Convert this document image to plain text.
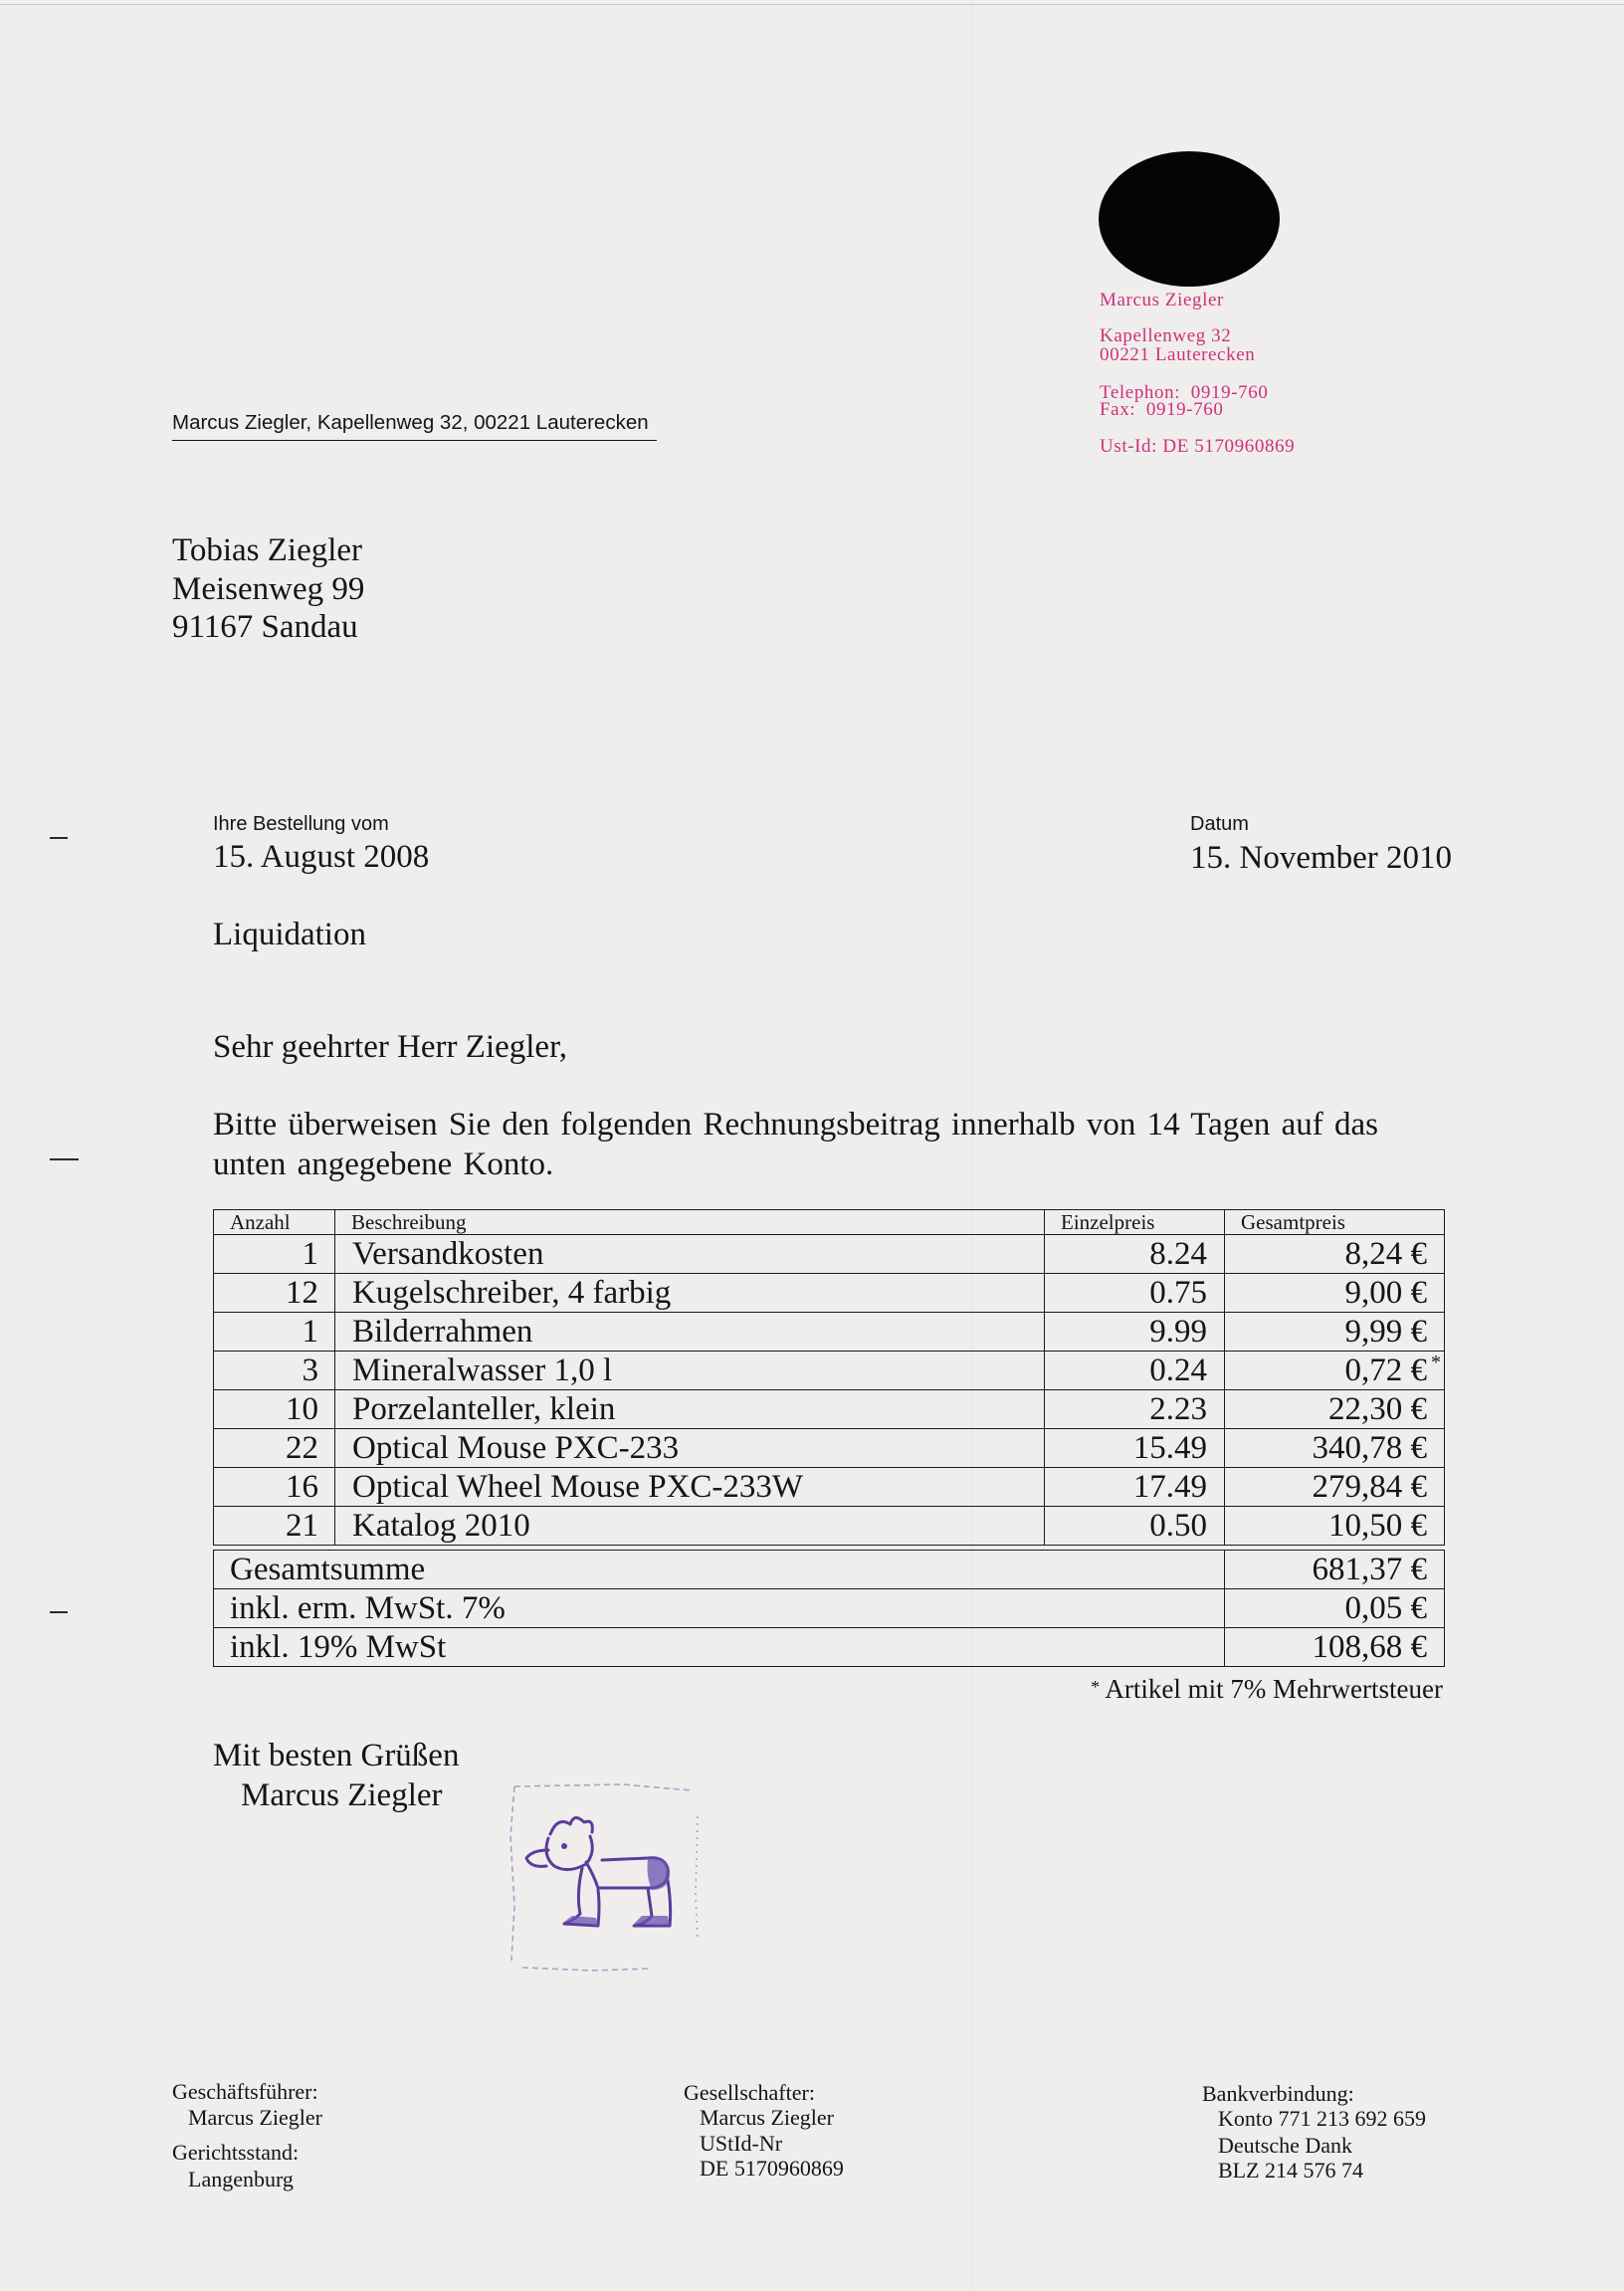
Marcus Ziegler
Kapellenweg 32
00221 Lauterecken
Telephon:  0919-760
Fax:  0919-760
Ust-Id: DE 5170960869
Marcus Ziegler, Kapellenweg 32, 00221 Lauterecken
Tobias Ziegler
Meisenweg 99
91167 Sandau
Ihre Bestellung vom
15. August 2008
Datum
15. November 2010
Liquidation
Sehr geehrter Herr Ziegler,
Bitte überweisen Sie den folgenden Rechnungsbeitrag innerhalb von 14 Tagen auf das
unten angegebene Konto.
Anzahl	Beschreibung	Einzelpreis	Gesamtpreis
1	Versandkosten	8.24	8,24 €
12	Kugelschreiber, 4 farbig	0.75	9,00 €
1	Bilderrahmen	9.99	9,99 €
3	Mineralwasser 1,0 l	0.24	0,72 € *

10	Porzelanteller, klein	2.23	22,30 €
22	Optical Mouse PXC-233	15.49	340,78 €
16	Optical Wheel Mouse PXC-233W	17.49	279,84 €
21	Katalog 2010	0.50	10,50 €
Gesamtsumme	681,37 €
inkl. erm. MwSt. 7%	0,05 €
inkl. 19% MwSt	108,68 €
* Artikel mit 7% Mehrwertsteuer
Mit besten Grüßen
Marcus Ziegler
Geschäftsführer:
Marcus Ziegler
Gerichtsstand:
Langenburg
Gesellschafter:
Marcus Ziegler
UStId-Nr
DE 5170960869
Bankverbindung:
Konto 771 213 692 659
Deutsche Dank
BLZ 214 576 74
